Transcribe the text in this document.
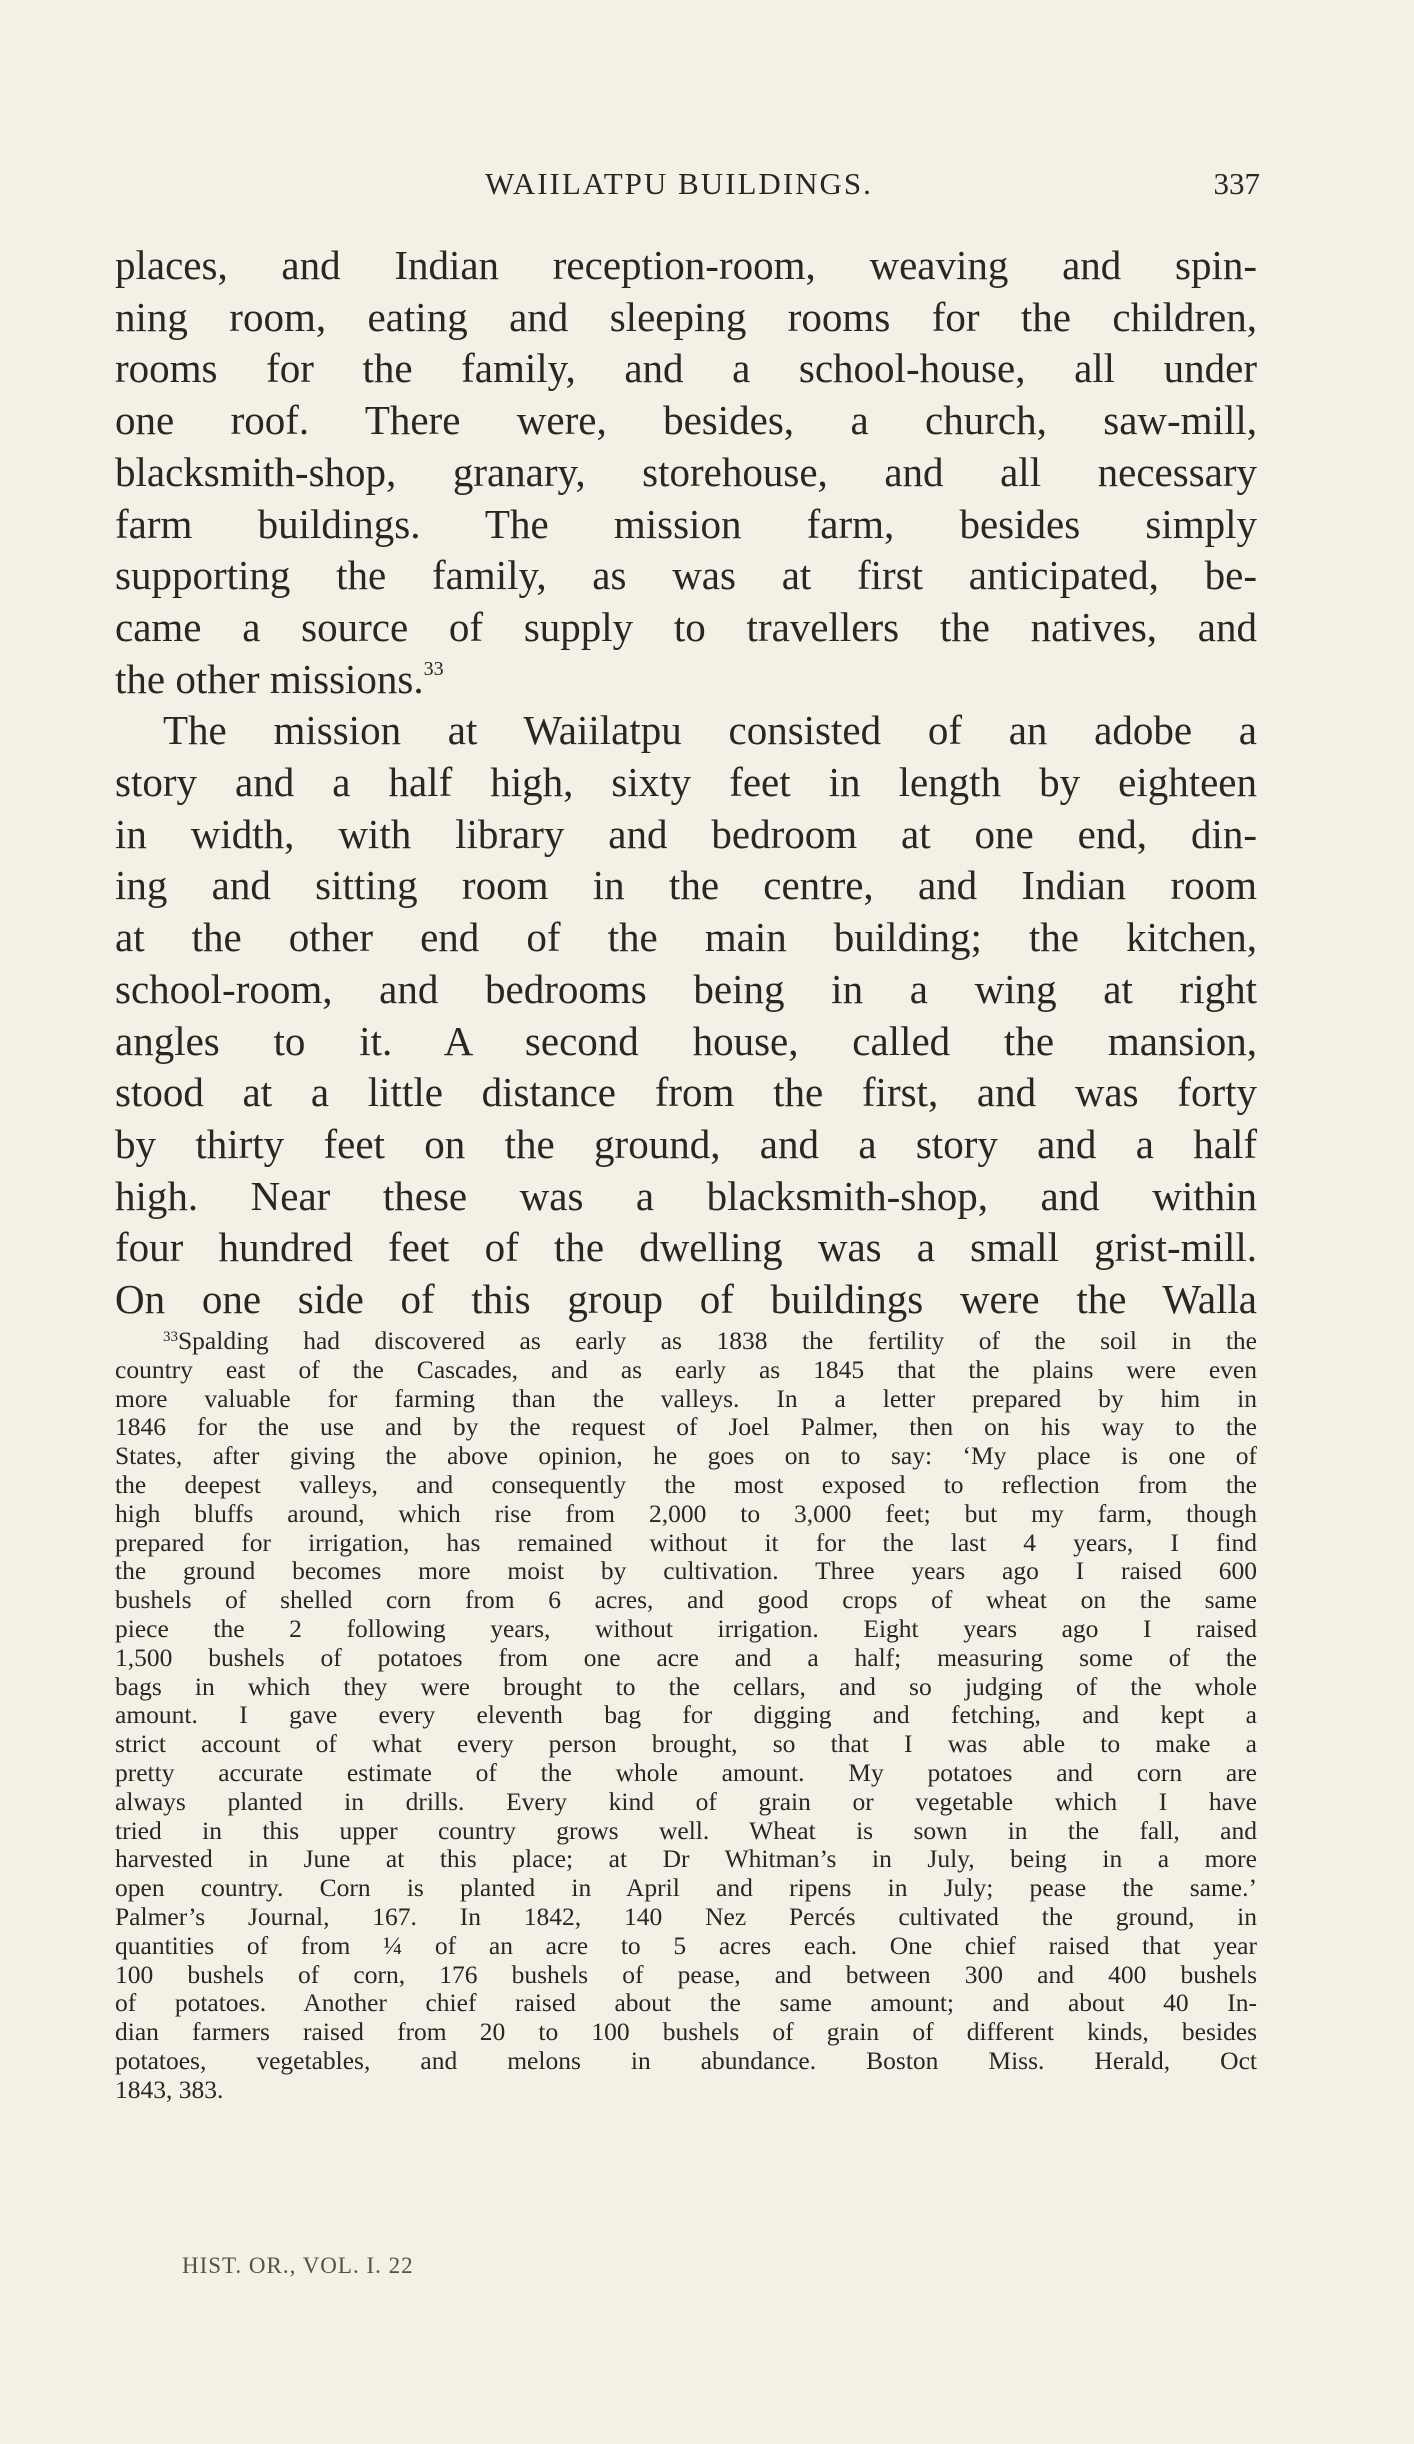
WAIILATPU BUILDINGS.	337
places, and Indian reception-room, weaving and spin-
ning room, eating and sleeping rooms for the children,
rooms for the family, and a school-house, all under
one roof. There were, besides, a church, saw-mill,
blacksmith-shop, granary, storehouse, and all necessary
farm buildings. The mission farm, besides simply
supporting the family, as was at first anticipated, be-
came a source of supply to travellers the natives, and
the other missions.$^{33}$
The mission at Waiilatpu consisted of an adobe a
story and a half high, sixty feet in length by eighteen
in width, with library and bedroom at one end, din-
ing and sitting room in the centre, and Indian room
at the other end of the main building; the kitchen,
school-room, and bedrooms being in a wing at right
angles to it. A second house, called the mansion,
stood at a little distance from the first, and was forty
by thirty feet on the ground, and a story and a half
high. Near these was a blacksmith-shop, and within
four hundred feet of the dwelling was a small grist-mill.
On one side of this group of buildings were the Walla
$^{33}$Spalding had discovered as early as 1838 the fertility of the soil in the
country east of the Cascades, and as early as 1845 that the plains were even
more valuable for farming than the valleys. In a letter prepared by him in
1846 for the use and by the request of Joel Palmer, then on his way to the
States, after giving the above opinion, he goes on to say: ‘My place is one of
the deepest valleys, and consequently the most exposed to reflection from the
high bluffs around, which rise from 2,000 to 3,000 feet; but my farm, though
prepared for irrigation, has remained without it for the last 4 years, I find
the ground becomes more moist by cultivation. Three years ago I raised 600
bushels of shelled corn from 6 acres, and good crops of wheat on the same
piece the 2 following years, without irrigation. Eight years ago I raised
1,500 bushels of potatoes from one acre and a half; measuring some of the
bags in which they were brought to the cellars, and so judging of the whole
amount. I gave every eleventh bag for digging and fetching, and kept a
strict account of what every person brought, so that I was able to make a
pretty accurate estimate of the whole amount. My potatoes and corn are
always planted in drills. Every kind of grain or vegetable which I have
tried in this upper country grows well. Wheat is sown in the fall, and
harvested in June at this place; at Dr Whitman’s in July, being in a more
open country. Corn is planted in April and ripens in July; pease the same.’
Palmer’s Journal, 167. In 1842, 140 Nez Percés cultivated the ground, in
quantities of from ¼ of an acre to 5 acres each. One chief raised that year
100 bushels of corn, 176 bushels of pease, and between 300 and 400 bushels
of potatoes. Another chief raised about the same amount; and about 40 In-
dian farmers raised from 20 to 100 bushels of grain of different kinds, besides
potatoes, vegetables, and melons in abundance. Boston Miss. Herald, Oct
1843, 383.
HIST. OR., VOL. I. 22
